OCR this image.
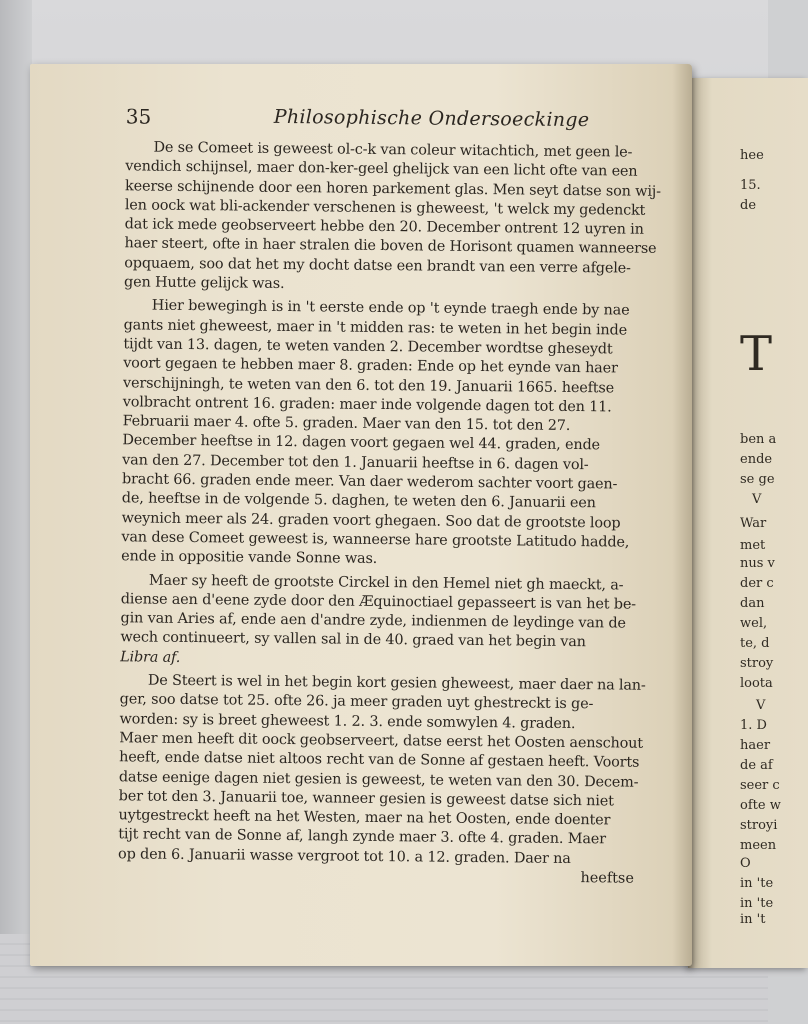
hee
15.
de
ben a
ende
se ge
V
War
met
nus v
der c
dan
wel,
te, d
stroy
loota
V
1. D
haer
de af
seer c
ofte w
stroyi
meen
O
in 'te
in 'te
in 't
35	Philosophische Ondersoeckinge
De se Comeet is geweest ol-c-k van coleur witachtich, met geen le-
vendich schijnsel, maer don-ker-geel ghelijck van een licht ofte van een
keerse schijnende door een horen parkement glas. Men seyt datse son wij-
len oock wat bli-ackender verschenen is gheweest, 't welck my gedenckt
dat ick mede geobserveert hebbe den 20. December ontrent 12 uyren in
haer steert, ofte in haer stralen die boven de Horisont quamen wanneerse
opquaem, soo dat het my docht datse een brandt van een verre afgele-
gen Hutte gelijck was.
Hier bewegingh is in 't eerste ende op 't eynde traegh ende by nae
gants niet gheweest, maer in 't midden ras: te weten in het begin inde
tijdt van 13. dagen, te weten vanden 2. December wordtse gheseydt
voort gegaen te hebben maer 8. graden: Ende op het eynde van haer
verschijningh, te weten van den 6. tot den 19. Januarii 1665. heeftse
volbracht ontrent 16. graden: maer inde volgende dagen tot den 11.
Februarii maer 4. ofte 5. graden. Maer van den 15. tot den 27.
December heeftse in 12. dagen voort gegaen wel 44. graden, ende
van den 27. December tot den 1. Januarii heeftse in 6. dagen vol-
bracht 66. graden ende meer. Van daer wederom sachter voort gaen-
de, heeftse in de volgende 5. daghen, te weten den 6. Januarii een
weynich meer als 24. graden voort ghegaen. Soo dat de grootste loop
van dese Comeet geweest is, wanneerse hare grootste Latitudo hadde,
ende in oppositie vande Sonne was.
Maer sy heeft de grootste Circkel in den Hemel niet gh maeckt, a-
diense aen d'eene zyde door den Æquinoctiael gepasseert is van het be-
gin van Aries af, ende aen d'andre zyde, indienmen de leydinge van de
wech continueert, sy vallen sal in de 40. graed van het begin van
Libra af.
De Steert is wel in het begin kort gesien gheweest, maer daer na lan-
ger, soo datse tot 25. ofte 26. ja meer graden uyt ghestreckt is ge-
worden: sy is breet gheweest 1. 2. 3. ende somwylen 4. graden.
Maer men heeft dit oock geobserveert, datse eerst het Oosten aenschout
heeft, ende datse niet altoos recht van de Sonne af gestaen heeft. Voorts
datse eenige dagen niet gesien is geweest, te weten van den 30. Decem-
ber tot den 3. Januarii toe, wanneer gesien is geweest datse sich niet
uytgestreckt heeft na het Westen, maer na het Oosten, ende doenter
tijt recht van de Sonne af, langh zynde maer 3. ofte 4. graden. Maer
op den 6. Januarii wasse vergroot tot 10. a 12. graden. Daer na
heeftse
T
